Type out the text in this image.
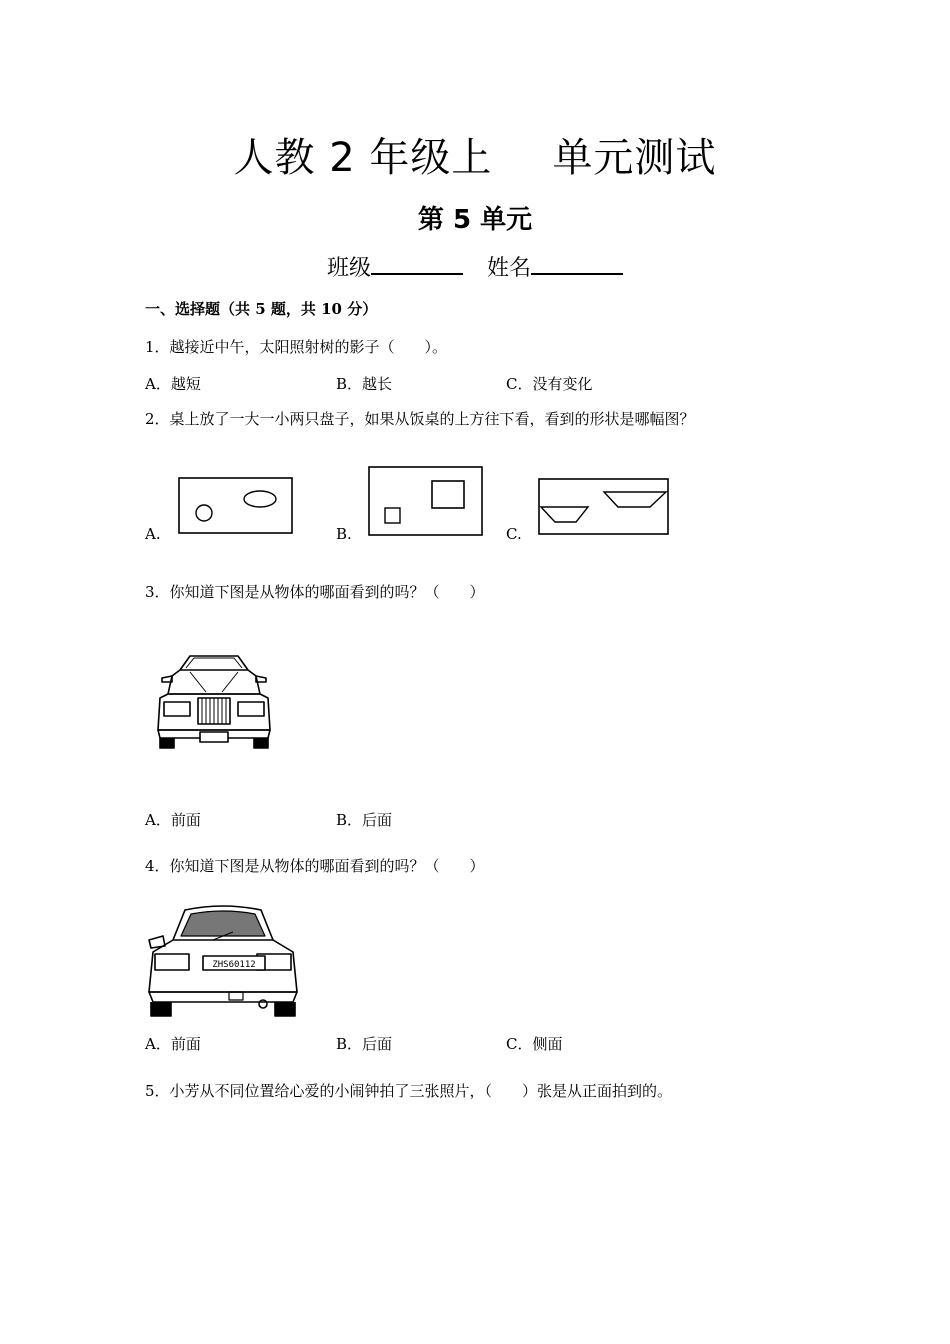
人教 2 年级上 单元测试
第 5 单元
班级	姓名
一、选择题（共 5 题，共 10 分）
1．越接近中午，太阳照射树的影子（　　）。
A．越短	B．越长	C．没有变化
2．桌上放了一大一小两只盘子，如果从饭桌的上方往下看，看到的形状是哪幅图？
A.	B.	C.
3．你知道下图是从物体的哪面看到的吗？（　　）
A．前面	B．后面
4．你知道下图是从物体的哪面看到的吗？（　　）
ZHS60112
A．前面	B．后面	C．侧面
5．小芳从不同位置给心爱的小闹钟拍了三张照片，（　　）张是从正面拍到的。
